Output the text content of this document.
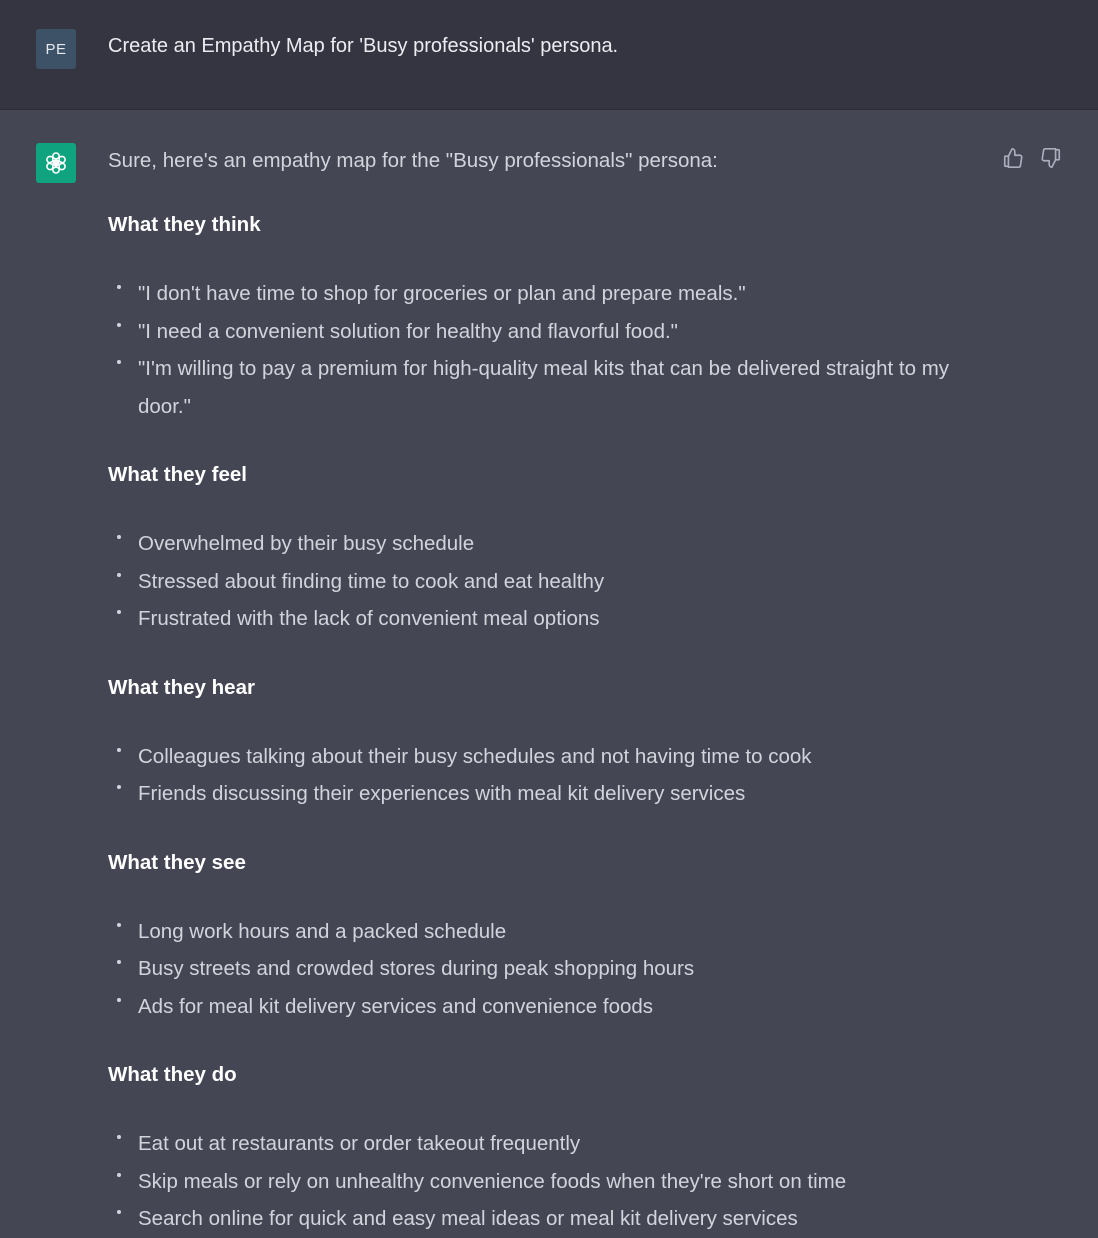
PE	Create an Empathy Map for 'Busy professionals' persona.

Sure, here's an empathy map for the "Busy professionals" persona:

What they think
"I don't have time to shop for groceries or plan and prepare meals."
"I need a convenient solution for healthy and flavorful food."
"I'm willing to pay a premium for high-quality meal kits that can be delivered straight to my door."
What they feel
Overwhelmed by their busy schedule
Stressed about finding time to cook and eat healthy
Frustrated with the lack of convenient meal options
What they hear
Colleagues talking about their busy schedules and not having time to cook
Friends discussing their experiences with meal kit delivery services
What they see
Long work hours and a packed schedule
Busy streets and crowded stores during peak shopping hours
Ads for meal kit delivery services and convenience foods
What they do
Eat out at restaurants or order takeout frequently
Skip meals or rely on unhealthy convenience foods when they're short on time
Search online for quick and easy meal ideas or meal kit delivery services
